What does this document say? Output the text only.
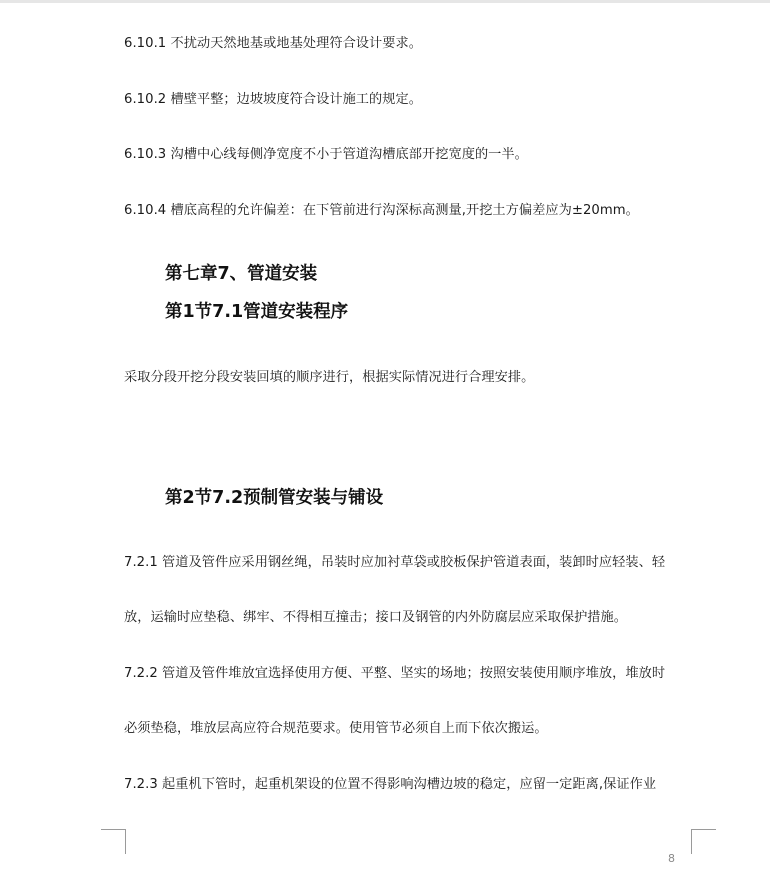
6.10.1 不扰动天然地基或地基处理符合设计要求。
6.10.2 槽壁平整；边坡坡度符合设计施工的规定。
6.10.3 沟槽中心线每侧净宽度不小于管道沟槽底部开挖宽度的一半。
6.10.4 槽底高程的允许偏差：在下管前进行沟深标高测量,开挖土方偏差应为±20mm。
第七章7、管道安装
第1节7.1管道安装程序
采取分段开挖分段安装回填的顺序进行，根据实际情况进行合理安排。
第2节7.2预制管安装与铺设
7.2.1 管道及管件应采用钢丝绳，吊装时应加衬草袋或胶板保护管道表面，装卸时应轻装、轻
放，运输时应垫稳、绑牢、不得相互撞击；接口及钢管的内外防腐层应采取保护措施。
7.2.2 管道及管件堆放宜选择使用方便、平整、坚实的场地；按照安装使用顺序堆放，堆放时
必须垫稳，堆放层高应符合规范要求。使用管节必须自上而下依次搬运。
7.2.3 起重机下管时，起重机架设的位置不得影响沟槽边坡的稳定，应留一定距离,保证作业
8
